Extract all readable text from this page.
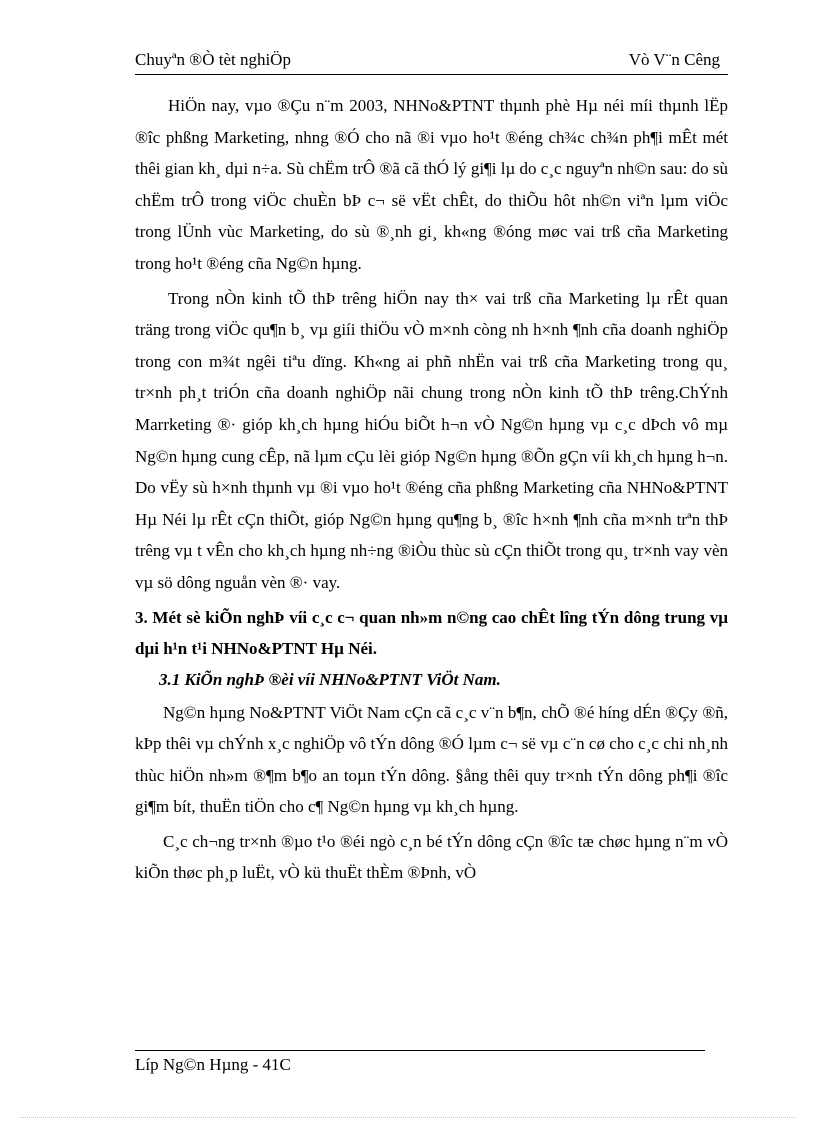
Chuyªn ®Ò tèt nghiÖp	Vò V¨n Cêng

HiÖn nay, vµo ®Çu n¨m 2003, NHNo&PTNT thµnh phè Hµ néi míi thµnh lËp ®îc phßng Marketing, nhng ®Ó cho nã ®i vµo ho¹t ®éng ch¾c ch¾n ph¶i mÊt mét thêi gian kh¸ dµi n÷a. Sù chËm trÔ ®ã cã thÓ lý gi¶i lµ do c¸c nguyªn nh©n sau: do sù chËm trÔ trong viÖc chuÈn bÞ c¬ së vËt chÊt, do thiÕu hôt nh©n viªn lµm viÖc trong lÜnh vùc Marketing, do sù ®¸nh gi¸ kh«ng ®óng møc vai trß cña Marketing trong ho¹t ®éng cña Ng©n hµng.

Trong nÒn kinh tÕ thÞ trêng hiÖn nay th× vai trß cña Marketing lµ rÊt quan träng trong viÖc qu¶n b¸ vµ giíi thiÖu vÒ m×nh còng nh h×nh ¶nh cña doanh nghiÖp trong con m¾t ngêi tiªu dïng. Kh«ng ai phñ nhËn vai trß cña Marketing trong qu¸ tr×nh ph¸t triÓn cña doanh nghiÖp nãi chung trong nÒn kinh tÕ thÞ trêng.ChÝnh Marrketing ®· gióp kh¸ch hµng hiÓu biÕt h¬n vÒ Ng©n hµng vµ c¸c dÞch vô mµ Ng©n hµng cung cÊp, nã lµm cÇu lèi gióp Ng©n hµng ®Õn gÇn víi kh¸ch hµng h¬n. Do vËy sù h×nh thµnh vµ ®i vµo ho¹t ®éng cña phßng Marketing cña NHNo&PTNT Hµ Néi lµ rÊt cÇn thiÕt, gióp Ng©n hµng qu¶ng b¸ ®îc h×nh ¶nh cña m×nh trªn thÞ trêng vµ t vÊn cho kh¸ch hµng nh÷ng ®iÒu thùc sù cÇn thiÕt trong qu¸ tr×nh vay vèn vµ sö dông nguån vèn ®· vay.

3. Mét sè kiÕn nghÞ víi c¸c c¬ quan nh»m n©ng cao chÊt lîng tÝn dông trung vµ dµi h¹n t¹i NHNo&PTNT Hµ Néi.
3.1 KiÕn nghÞ ®èi víi NHNo&PTNT ViÖt Nam.

Ng©n hµng No&PTNT ViÖt Nam cÇn cã c¸c v¨n b¶n, chÕ ®é híng dÉn ®Çy ®ñ, kÞp thêi vµ chÝnh x¸c nghiÖp vô tÝn dông ®Ó lµm c¬ së vµ c¨n cø cho c¸c chi nh¸nh thùc hiÖn nh»m ®¶m b¶o an toµn tÝn dông. §ång thêi quy tr×nh tÝn dông ph¶i ®îc gi¶m bít, thuËn tiÖn cho c¶ Ng©n hµng vµ kh¸ch hµng.

C¸c ch¬ng tr×nh ®µo t¹o ®éi ngò c¸n bé tÝn dông cÇn ®îc tæ chøc hµng n¨m vÒ kiÕn thøc ph¸p luËt, vÒ kü thuËt thÈm ®Þnh, vÒ

Líp Ng©n Hµng - 41C
